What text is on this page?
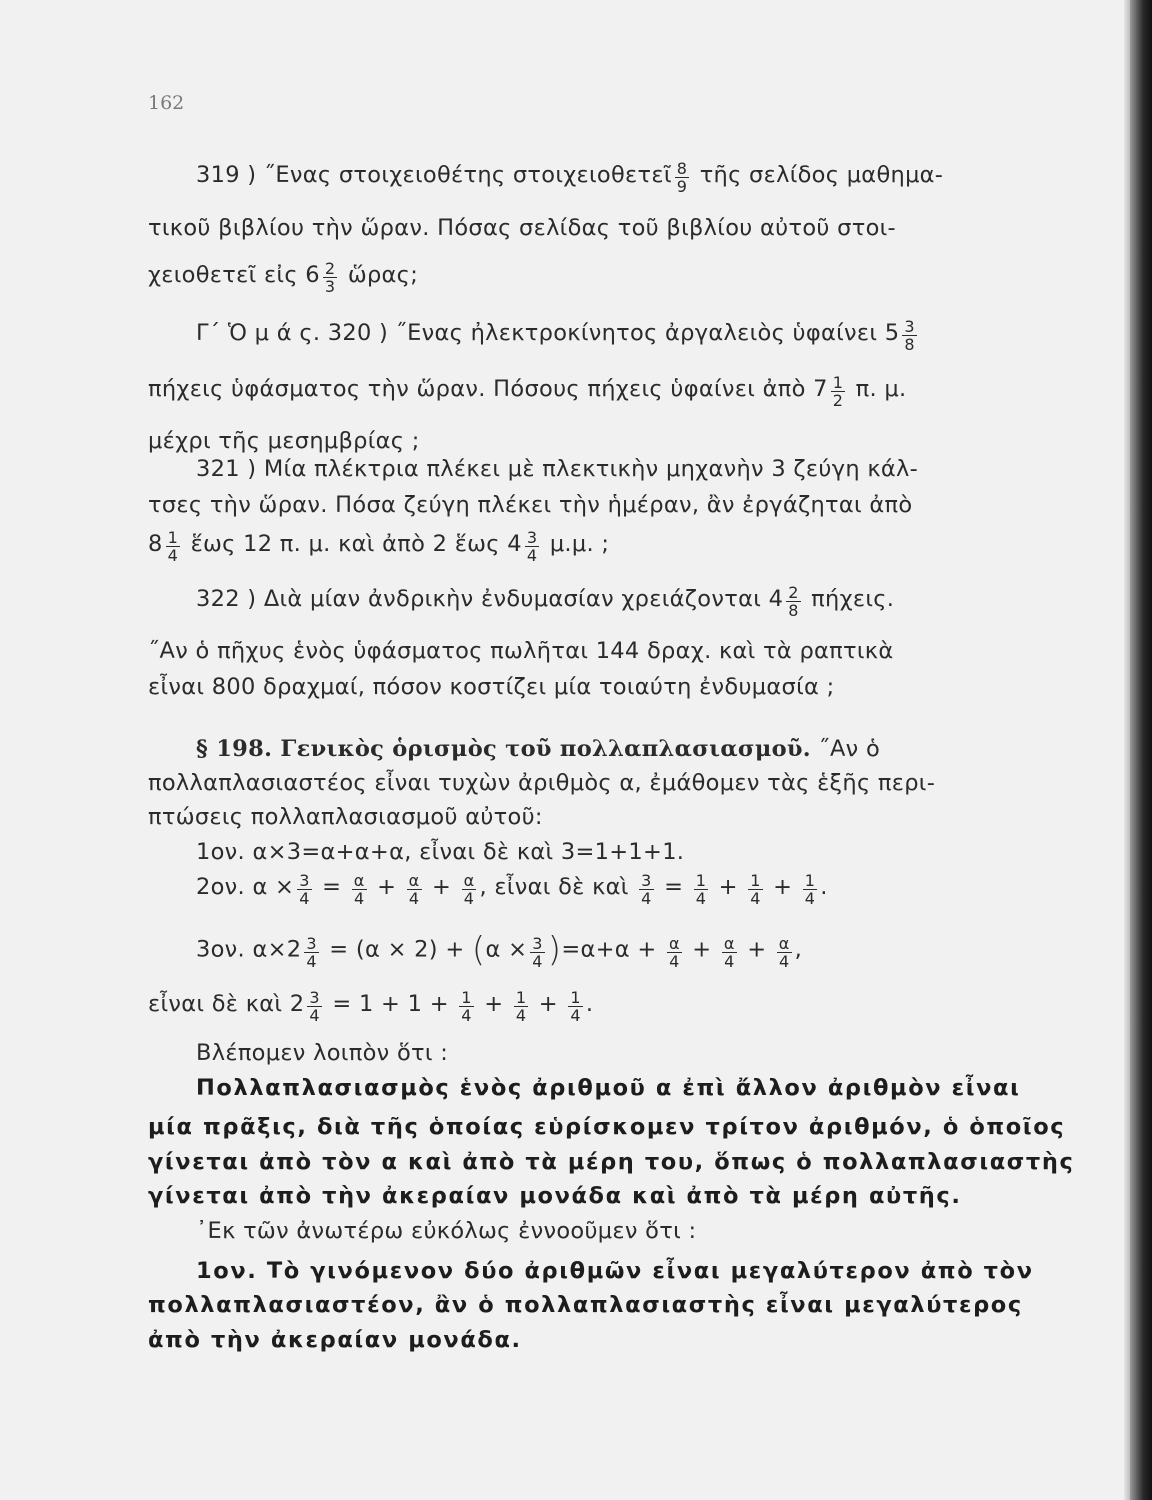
162
319 ) ˝Ενας στοιχειοθέτης στοιχειοθετεῖ $\frac{8}{9}$ τῆς σελίδος μαθημα-
τικοῦ βιβλίου τὴν ὥραν. Πόσας σελίδας τοῦ βιβλίου αὐτοῦ στοι-
χειοθετεῖ εἰς $6 \frac{2}{3}$ ὥρας;
Γ΄ Ὁ μ ά ς. 320 ) ˝Ενας ἠλεκτροκίνητος ἀργαλειὸς ὑφαίνει $5 \frac{3}{8}$
πήχεις ὑφάσματος τὴν ὥραν. Πόσους πήχεις ὑφαίνει ἀπὸ $7 \frac{1}{2} \pi$. μ.
μέχρι τῆς μεσημβρίας ;
321 ) Μία πλέκτρια πλέκει μὲ πλεκτικὴν μηχανὴν 3 ζεύγη κάλ-
τσες τὴν ὥραν. Πόσα ζεύγη πλέκει τὴν ἡμέραν, ἂν ἐργάζηται ἀπὸ
$8 \frac{1}{4}$ ἕως 12 π. μ. καὶ ἀπὸ 2 ἕως $4 \frac{3}{4} \mu.\mu$. ;
322 ) Διὰ μίαν ἀνδρικὴν ἐνδυμασίαν χρειάζονται $4 \frac{2}{8} \pi ή\chi\varepsilon\iota\varsigma$.
˝Αν ὁ πῆχυς ἑνὸς ὑφάσματος πωλῆται 144 δραχ. καὶ τὰ ραπτικὰ
εἶναι 800 δραχμαί, πόσον κοστίζει μία τοιαύτη ἐνδυμασία ;
§ 198. Γενικὸς ὁρισμὸς τοῦ πολλαπλασιασμοῦ. ˝Αν ὁ
πολλαπλασιαστέος εἶναι τυχὼν ἀριθμὸς α, ἐμάθομεν τὰς ἑξῆς περι-
πτώσεις πολλαπλασιασμοῦ αὐτοῦ:
1ον. α×3=α+α+α, εἶναι δὲ καὶ 3=1+1+1.
2ον. $\alpha \times \frac{3}{4} = \frac{\alpha}{4} + \frac{\alpha}{4} + \frac{\alpha}{4}$ , εἶναι δὲ καὶ $\frac{3}{4} = \frac{1}{4} + \frac{1}{4} + \frac{1}{4}$ .
3ον. $\alpha\times 2 \frac{3}{4} = (\alpha \times 2) + (\alpha \times \frac{3}{4} )=\alpha+\alpha + \frac{\alpha}{4} + \frac{\alpha}{4} + \frac{\alpha}{4}$ ,
εἶναι δὲ καὶ $2 \frac{3}{4} = 1 + 1 + \frac{1}{4} + \frac{1}{4} + \frac{1}{4}$ .
Βλέπομεν λοιπὸν ὅτι :
Πολλαπλασιασμὸς ἑνὸς ἀριθμοῦ α ἐπὶ ἄλλον ἀριθμὸν εἶναι
μία πρᾶξις, διὰ τῆς ὁποίας εὑρίσκομεν τρίτον ἀριθμόν, ὁ ὁποῖος
γίνεται ἀπὸ τὸν α καὶ ἀπὸ τὰ μέρη του, ὅπως ὁ πολλαπλασιαστὴς
γίνεται ἀπὸ τὴν ἀκεραίαν μονάδα καὶ ἀπὸ τὰ μέρη αὐτῆς.
᾽Εκ τῶν ἀνωτέρω εὐκόλως ἐννοοῦμεν ὅτι :
1ον. Τὸ γινόμενον δύο ἀριθμῶν εἶναι μεγαλύτερον ἀπὸ τὸν
πολλαπλασιαστέον, ἂν ὁ πολλαπλασιαστὴς εἶναι μεγαλύτερος
ἀπὸ τὴν ἀκεραίαν μονάδα.
